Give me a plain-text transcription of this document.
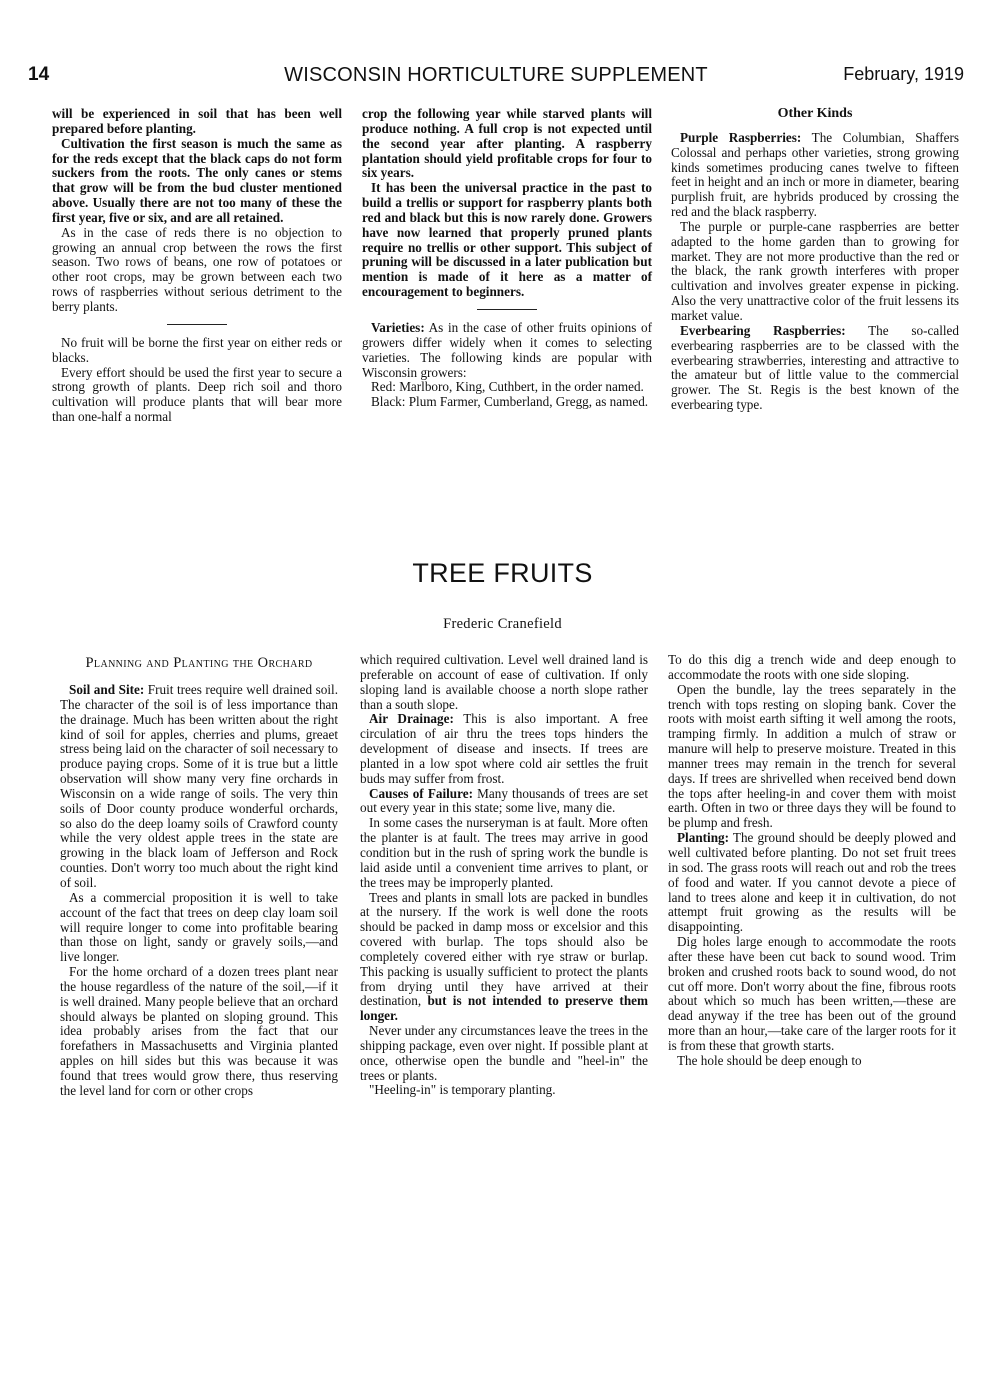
14	WISCONSIN HORTICULTURE SUPPLEMENT	February, 1919

will be experienced in soil that has been well prepared before planting.

Cultivation the first season is much the same as for the reds except that the black caps do not form suckers from the roots. The only canes or stems that grow will be from the bud cluster mentioned above. Usually there are not too many of these the first year, five or six, and are all retained.

As in the case of reds there is no objection to growing an annual crop between the rows the first season. Two rows of beans, one row of potatoes or other root crops, may be grown between each two rows of raspberries without serious detriment to the berry plants.

No fruit will be borne the first year on either reds or blacks.

Every effort should be used the first year to secure a strong growth of plants. Deep rich soil and thoro cultivation will produce plants that will bear more than one-half a normal

crop the following year while starved plants will produce nothing. A full crop is not expected until the second year after planting. A raspberry plantation should yield profitable crops for four to six years.

It has been the universal practice in the past to build a trellis or support for raspberry plants both red and black but this is now rarely done. Growers have now learned that properly pruned plants require no trellis or other support. This subject of pruning will be discussed in a later publication but mention is made of it here as a matter of encouragement to beginners.

Varieties: As in the case of other fruits opinions of growers differ widely when it comes to selecting varieties. The following kinds are popular with Wisconsin growers:

Red: Marlboro, King, Cuthbert, in the order named.

Black: Plum Farmer, Cumberland, Gregg, as named.

Other Kinds

Purple Raspberries: The Columbian, Shaffers Colossal and perhaps other varieties, strong growing kinds sometimes producing canes twelve to fifteen feet in height and an inch or more in diameter, bearing purplish fruit, are hybrids produced by crossing the red and the black raspberry.

The purple or purple-cane raspberries are better adapted to the home garden than to growing for market. They are not more productive than the red or the black, the rank growth interferes with proper cultivation and involves greater expense in picking. Also the very unattractive color of the fruit lessens its market value.

Everbearing Raspberries: The so-called everbearing raspberries are to be classed with the everbearing strawberries, interesting and attractive to the amateur but of little value to the commercial grower. The St. Regis is the best known of the everbearing type.

TREE FRUITS
Frederic Cranefield
Planning and Planting the Orchard

Soil and Site: Fruit trees require well drained soil. The character of the soil is of less importance than the drainage. Much has been written about the right kind of soil for apples, cherries and plums, greaet stress being laid on the character of soil necessary to produce paying crops. Some of it is true but a little observation will show many very fine orchards in Wisconsin on a wide range of soils. The very thin soils of Door county produce wonderful orchards, so also do the deep loamy soils of Crawford county while the very oldest apple trees in the state are growing in the black loam of Jefferson and Rock counties. Don't worry too much about the right kind of soil.

As a commercial proposition it is well to take account of the fact that trees on deep clay loam soil will require longer to come into profitable bearing than those on light, sandy or gravely soils,—and live longer.

For the home orchard of a dozen trees plant near the house regardless of the nature of the soil,—if it is well drained. Many people believe that an orchard should always be planted on sloping ground. This idea probably arises from the fact that our forefathers in Massachusetts and Virginia planted apples on hill sides but this was because it was found that trees would grow there, thus reserving the level land for corn or other crops

which required cultivation. Level well drained land is preferable on account of ease of cultivation. If only sloping land is available choose a north slope rather than a south slope.

Air Drainage: This is also important. A free circulation of air thru the trees tops hinders the development of disease and insects. If trees are planted in a low spot where cold air settles the fruit buds may suffer from frost.

Causes of Failure: Many thousands of trees are set out every year in this state; some live, many die.

In some cases the nurseryman is at fault. More often the planter is at fault. The trees may arrive in good condition but in the rush of spring work the bundle is laid aside until a convenient time arrives to plant, or the trees may be improperly planted.

Trees and plants in small lots are packed in bundles at the nursery. If the work is well done the roots should be packed in damp moss or excelsior and this covered with burlap. The tops should also be completely covered either with rye straw or burlap. This packing is usually sufficient to protect the plants from drying until they have arrived at their destination, but is not intended to preserve them longer.

Never under any circumstances leave the trees in the shipping package, even over night. If possible plant at once, otherwise open the bundle and "heel-in" the trees or plants.

"Heeling-in" is temporary planting.

To do this dig a trench wide and deep enough to accommodate the roots with one side sloping.

Open the bundle, lay the trees separately in the trench with tops resting on sloping bank. Cover the roots with moist earth sifting it well among the roots, tramping firmly. In addition a mulch of straw or manure will help to preserve moisture. Treated in this manner trees may remain in the trench for several days. If trees are shrivelled when received bend down the tops after heeling-in and cover them with moist earth. Often in two or three days they will be found to be plump and fresh.

Planting: The ground should be deeply plowed and well cultivated before planting. Do not set fruit trees in sod. The grass roots will reach out and rob the trees of food and water. If you cannot devote a piece of land to trees alone and keep it in cultivation, do not attempt fruit growing as the results will be disappointing.

Dig holes large enough to accommodate the roots after these have been cut back to sound wood. Trim broken and crushed roots back to sound wood, do not cut off more. Don't worry about the fine, fibrous roots about which so much has been written,—these are dead anyway if the tree has been out of the ground more than an hour,—take care of the larger roots for it is from these that growth starts.

The hole should be deep enough to
